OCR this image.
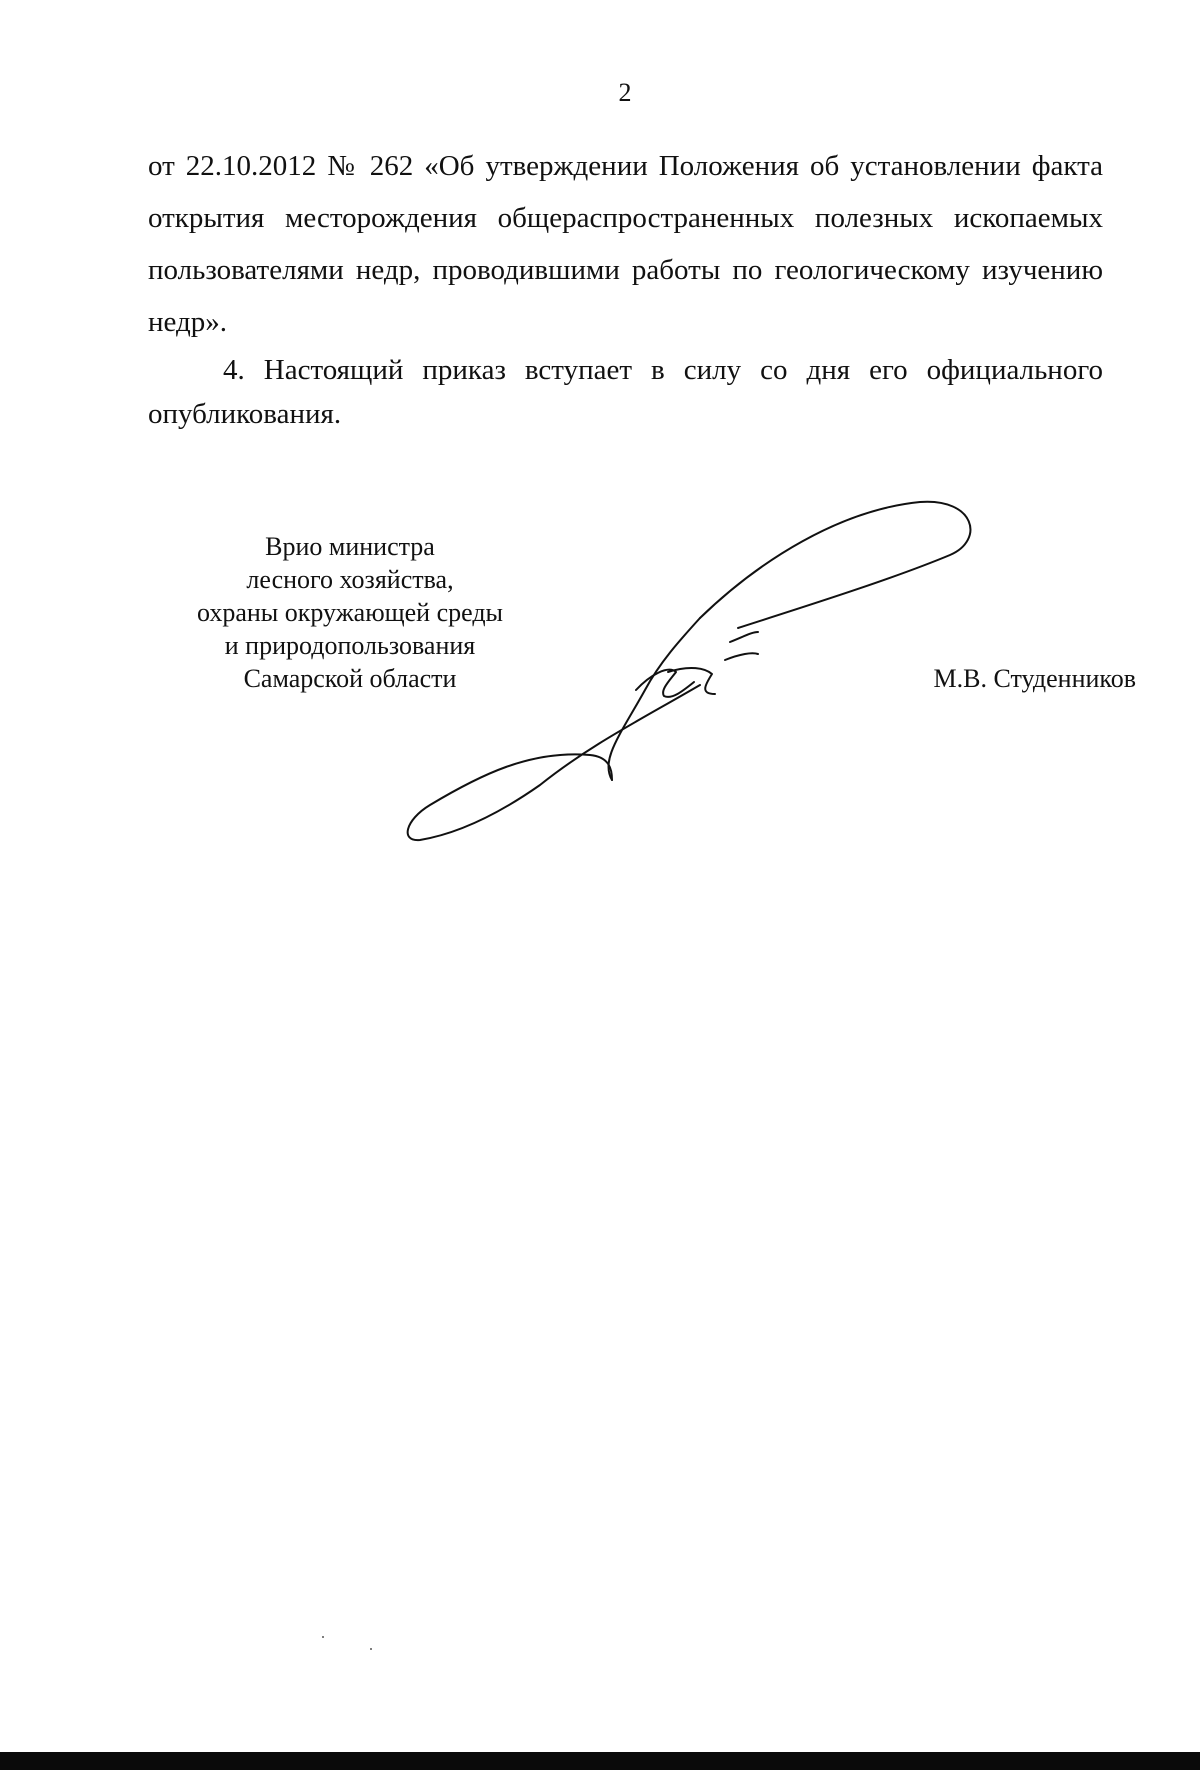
2

от 22.10.2012 № 262 «Об утверждении Положения об установлении факта открытия месторождения общераспространенных полезных ископаемых пользователями недр, проводившими работы по геологическому изучению недр».

4. Настоящий приказ вступает в силу со дня его официального опубликования.

Врио министра
лесного хозяйства,
охраны окружающей среды
и природопользования
Самарской области	М.В. Студенников
